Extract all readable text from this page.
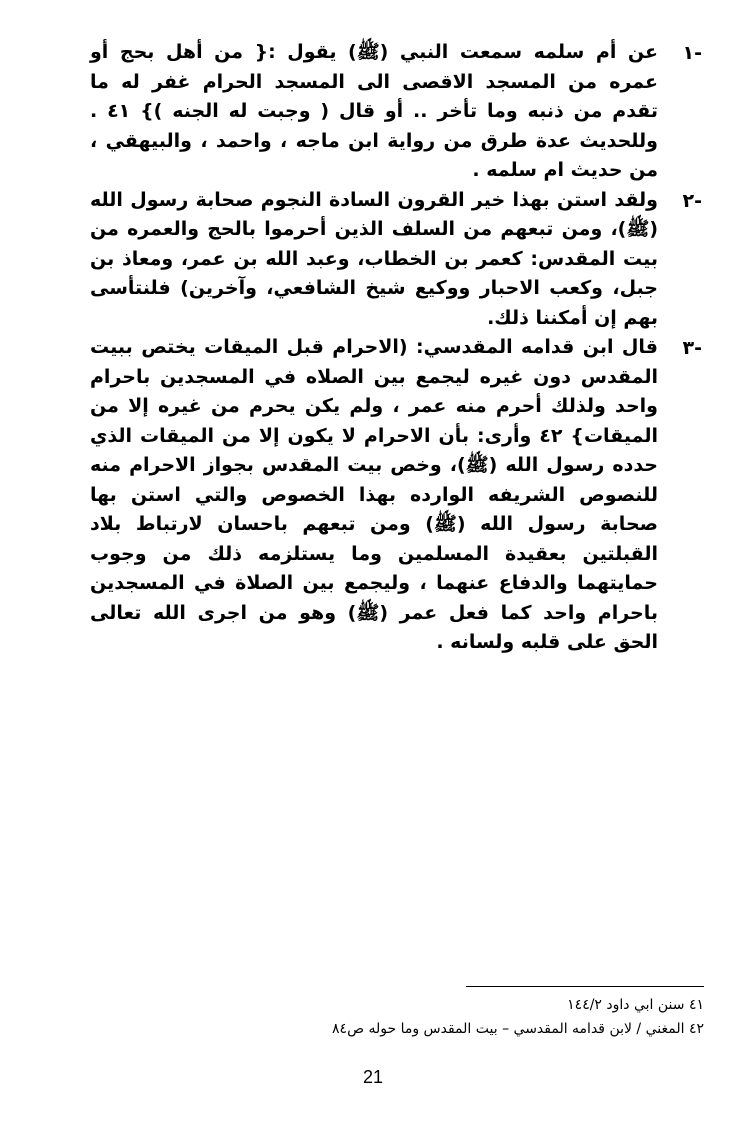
-١
عن أم سلمه سمعت النبي (ﷺ) يقول :{ من أهل بحج أو عمره من المسجد الاقصى الى المسجد الحرام غفر له ما تقدم من ذنبه وما تأخر .. أو قال ( وجبت له الجنه )} ٤١ . وللحديث عدة طرق من رواية ابن ماجه ، واحمد ، والبيهقي ، من حديث ام سلمه .
-٢
ولقد استن بهذا خير القرون السادة النجوم صحابة رسول الله (ﷺ)، ومن تبعهم من السلف الذين أحرموا بالحج والعمره من بيت المقدس: كعمر بن الخطاب، وعبد الله بن عمر، ومعاذ بن جبل، وكعب الاحبار ووكيع شيخ الشافعي، وآخرين) فلنتأسى بهم إن أمكننا ذلك.
-٣
قال ابن قدامه المقدسي: (الاحرام قبل الميقات يختص ببيت المقدس دون غيره ليجمع بين الصلاه في المسجدين باحرام واحد ولذلك أحرم منه عمر ، ولم يكن يحرم من غيره إلا من الميقات} ٤٢ وأرى: بأن الاحرام لا يكون إلا من الميقات الذي حدده رسول الله (ﷺ)، وخص بيت المقدس بجواز الاحرام منه للنصوص الشريفه الوارده بهذا الخصوص والتي استن بها صحابة رسول الله (ﷺ) ومن تبعهم باحسان لارتباط بلاد القبلتين بعقيدة المسلمين وما يستلزمه ذلك من وجوب حمايتهما والدفاع عنهما ، وليجمع بين الصلاة في المسجدين باحرام واحد كما فعل عمر (ﷺ) وهو من اجرى الله تعالى الحق على قلبه ولسانه .
٤١ سنن ابي داود ١٤٤/٢
٤٢ المغني / لابن قدامه المقدسي – بيت المقدس وما حوله ص٨٤
21
